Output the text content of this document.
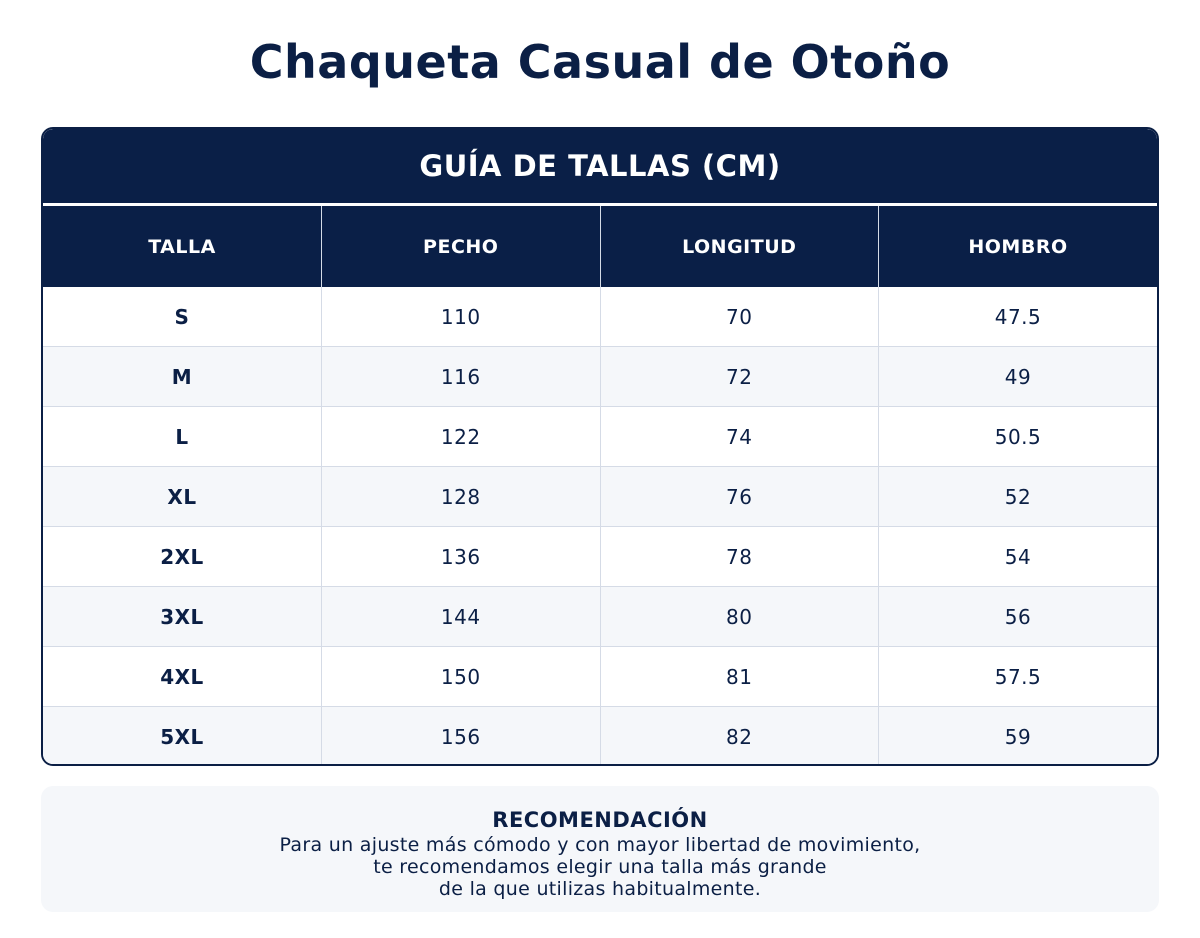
Chaqueta Casual de Otoño
GUÍA DE TALLAS (CM)
TALLA	PECHO	LONGITUD	HOMBRO
S	110	70	47.5
M	116	72	49
L	122	74	50.5
XL	128	76	52
2XL	136	78	54
3XL	144	80	56
4XL	150	81	57.5
5XL	156	82	59
RECOMENDACIÓN
Para un ajuste más cómodo y con mayor libertad de movimiento,
te recomendamos elegir una talla más grande
de la que utilizas habitualmente.
